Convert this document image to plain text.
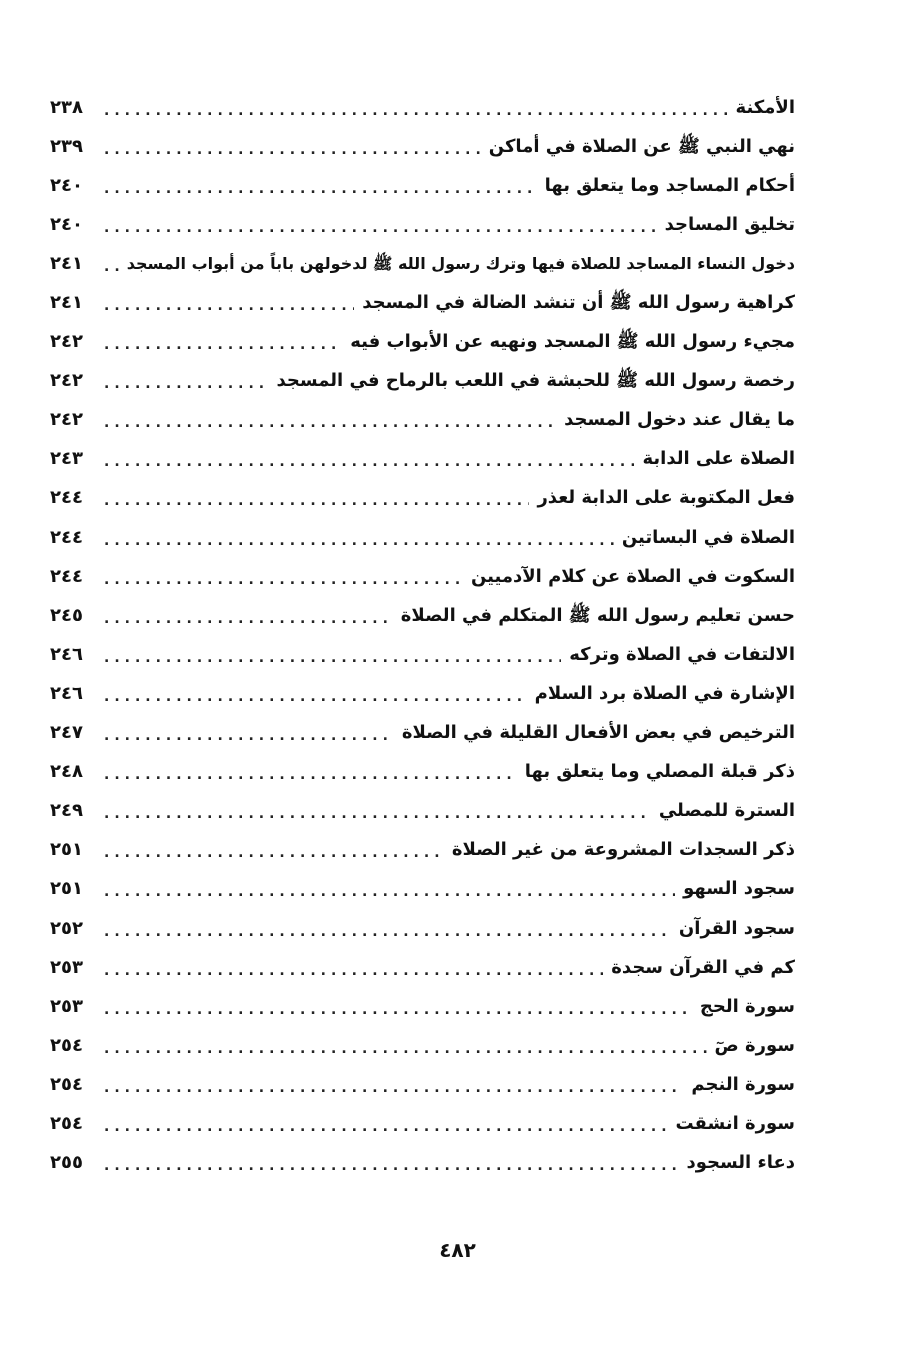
الأمكنة
.....
٢٣٨
نهي النبي ﷺ عن الصلاة في أماكن
.....
٢٣٩
أحكام المساجد وما يتعلق بها
.....
٢٤٠
تخليق المساجد
.....
٢٤٠
دخول النساء المساجد للصلاة فيها وترك رسول الله ﷺ لدخولهن باباً من أبواب المسجد
.....
٢٤١
كراهية رسول الله ﷺ أن تنشد الضالة في المسجد
.....
٢٤١
مجيء رسول الله ﷺ المسجد ونهيه عن الأبواب فيه
.....
٢٤٢
رخصة رسول الله ﷺ للحبشة في اللعب بالرماح في المسجد
.....
٢٤٢
ما يقال عند دخول المسجد
.....
٢٤٢
الصلاة على الدابة
.....
٢٤٣
فعل المكتوبة على الدابة لعذر
.....
٢٤٤
الصلاة في البساتين
.....
٢٤٤
السكوت في الصلاة عن كلام الآدميين
.....
٢٤٤
حسن تعليم رسول الله ﷺ المتكلم في الصلاة
.....
٢٤٥
الالتفات في الصلاة وتركه
.....
٢٤٦
الإشارة في الصلاة برد السلام
.....
٢٤٦
الترخيص في بعض الأفعال القليلة في الصلاة
.....
٢٤٧
ذكر قبلة المصلي وما يتعلق بها
.....
٢٤٨
السترة للمصلي
.....
٢٤٩
ذكر السجدات المشروعة من غير الصلاة
.....
٢٥١
سجود السهو
.....
٢٥١
سجود القرآن
.....
٢٥٢
كم في القرآن سجدة
.....
٢٥٣
سورة الحج
.....
٢٥٣
سورة صٓ
.....
٢٥٤
سورة النجم
.....
٢٥٤
سورة انشقت
.....
٢٥٤
دعاء السجود
.....
٢٥٥
٤٨٢
